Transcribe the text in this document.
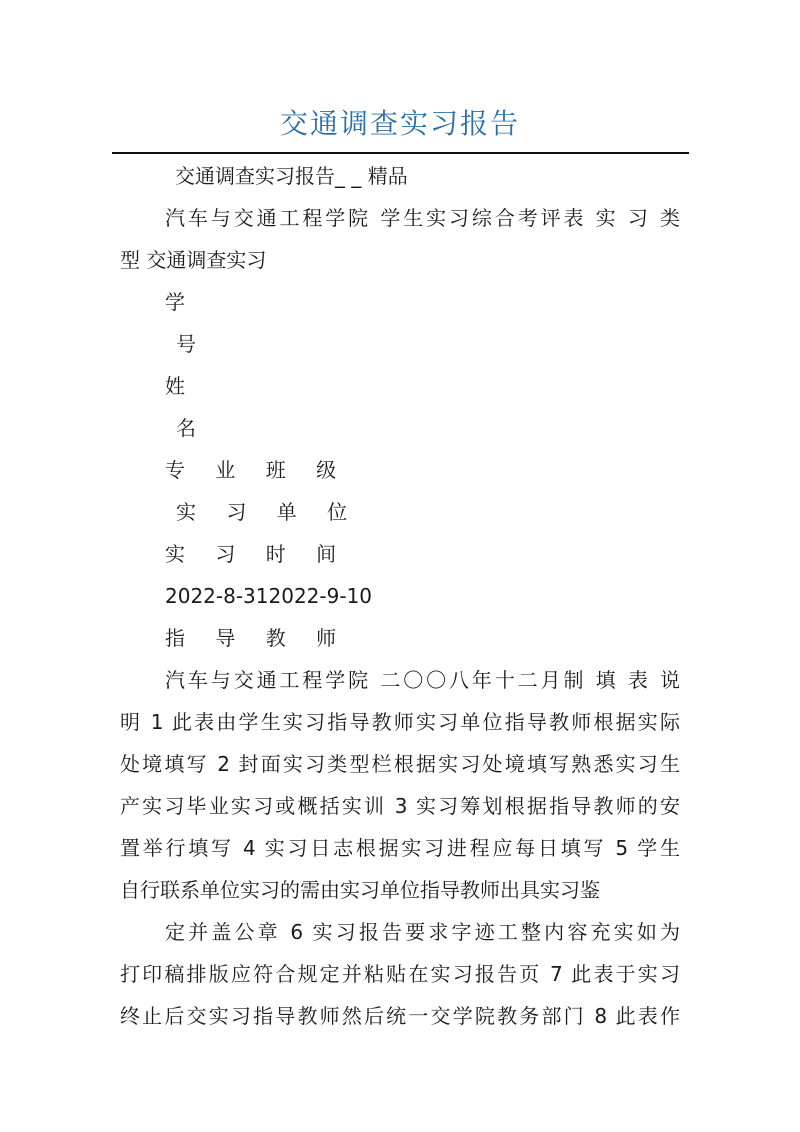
交通调查实习报告
交通调查实习报告_ _ 精品
汽车与交通工程学院 学生实习综合考评表 实 习 类
型 交通调查实习
学
号
姓
名
专 业 班 级
实 习 单 位
实 习 时 间
2022-8-312022-9-10
指 导 教 师
汽车与交通工程学院 二〇〇八年十二月制 填 表 说
明 1 此表由学生实习指导教师实习单位指导教师根据实际
处境填写 2 封面实习类型栏根据实习处境填写熟悉实习生
产实习毕业实习或概括实训 3 实习筹划根据指导教师的安
置举行填写 4 实习日志根据实习进程应每日填写 5 学生
自行联系单位实习的需由实习单位指导教师出具实习鉴
定并盖公章 6 实习报告要求字迹工整内容充实如为
打印稿排版应符合规定并粘贴在实习报告页 7 此表于实习
终止后交实习指导教师然后统一交学院教务部门 8 此表作
